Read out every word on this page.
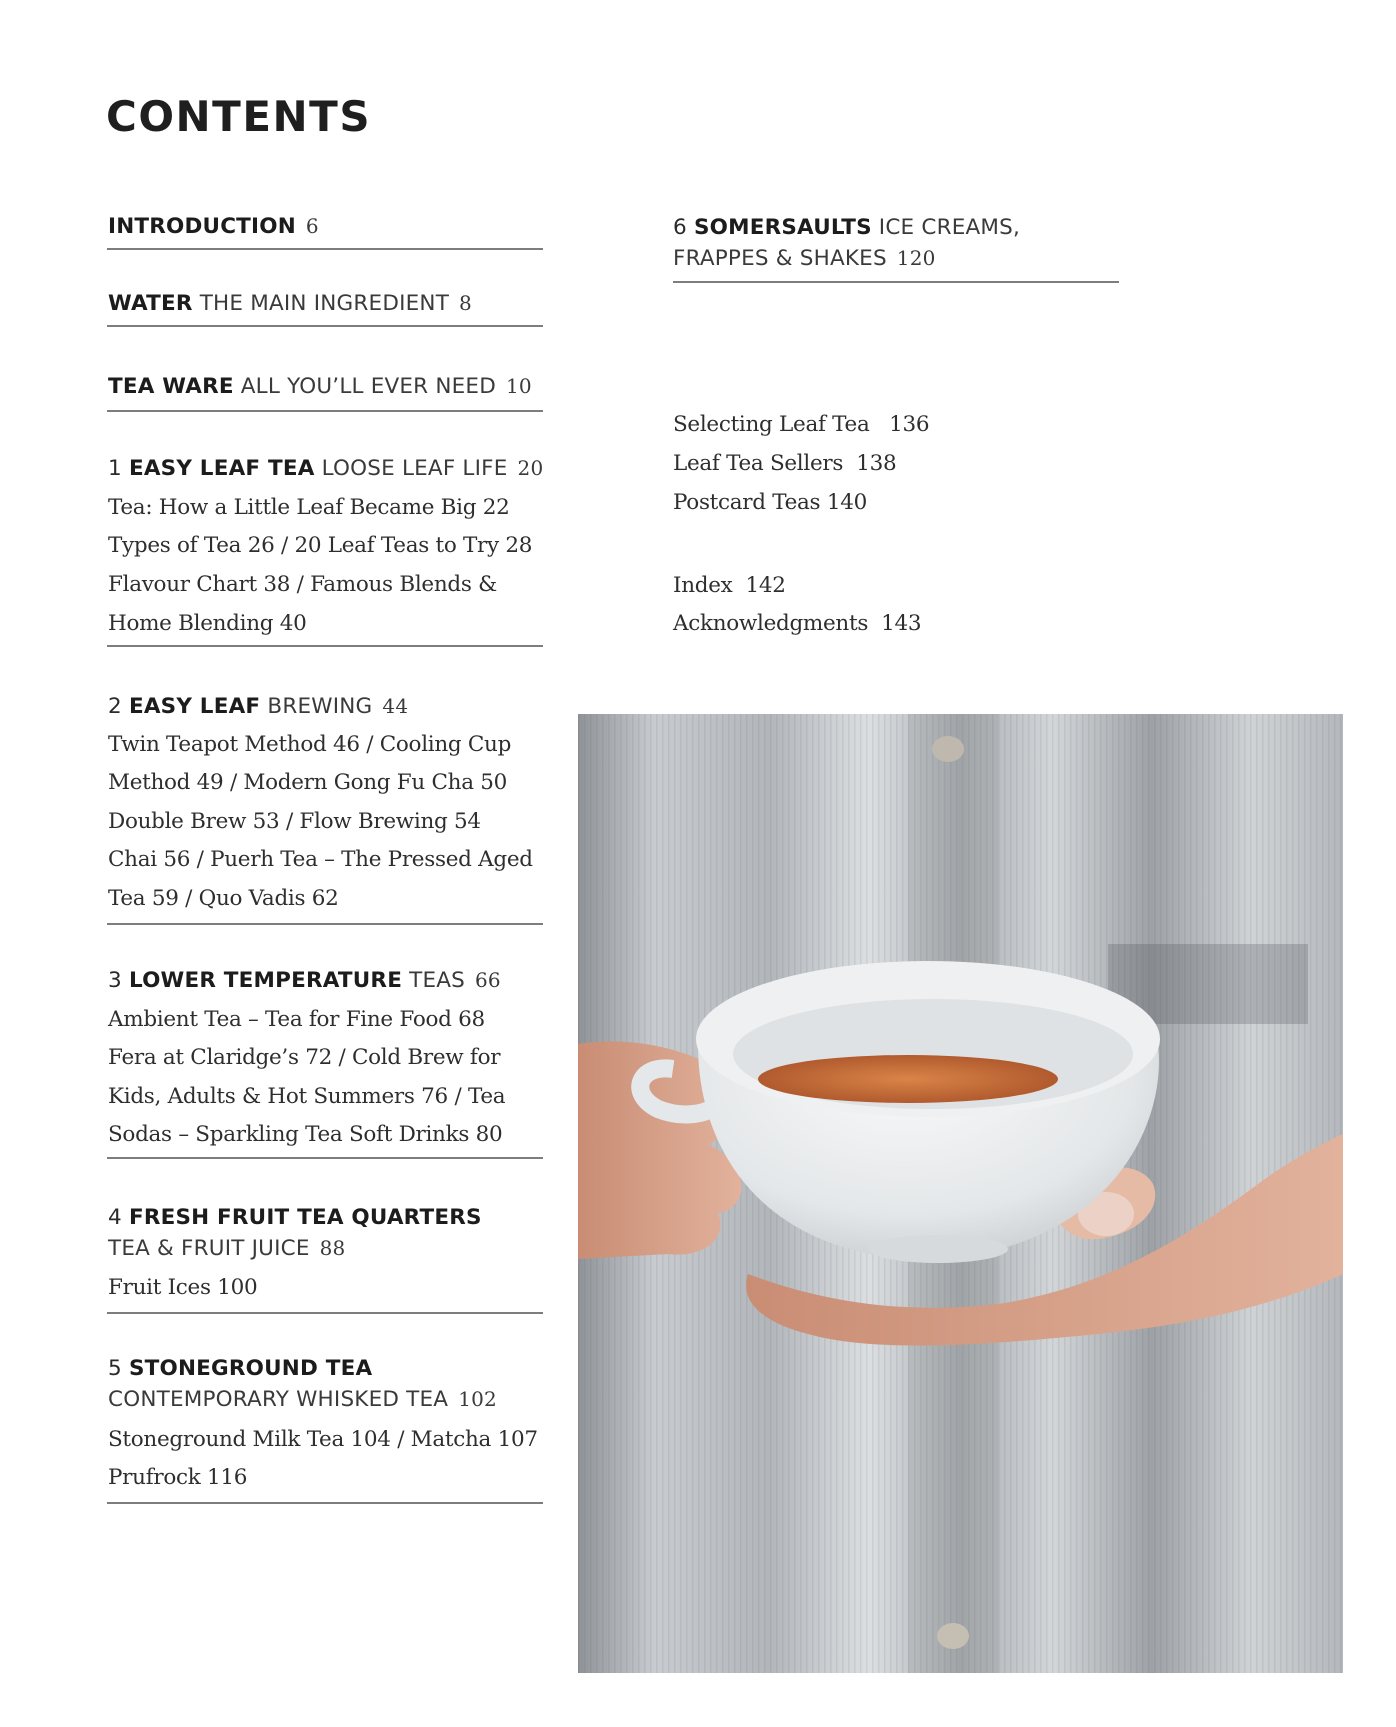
CONTENTS
INTRODUCTION 6
WATER THE MAIN INGREDIENT 8
TEA WARE ALL YOU’LL EVER NEED 10
1 EASY LEAF TEA LOOSE LEAF LIFE 20
Tea: How a Little Leaf Became Big 22
Types of Tea 26 / 20 Leaf Teas to Try 28
Flavour Chart 38 / Famous Blends &
Home Blending 40
2 EASY LEAF BREWING 44
Twin Teapot Method 46 / Cooling Cup
Method 49 / Modern Gong Fu Cha 50
Double Brew 53 / Flow Brewing 54
Chai 56 / Puerh Tea – The Pressed Aged
Tea 59 / Quo Vadis 62
3 LOWER TEMPERATURE TEAS 66
Ambient Tea – Tea for Fine Food 68
Fera at Claridge’s 72 / Cold Brew for
Kids, Adults & Hot Summers 76 / Tea
Sodas – Sparkling Tea Soft Drinks 80
4 FRESH FRUIT TEA QUARTERS
TEA & FRUIT JUICE 88
Fruit Ices 100
5 STONEGROUND TEA
CONTEMPORARY WHISKED TEA 102
Stoneground Milk Tea 104 / Matcha 107
Prufrock 116
6 SOMERSAULTS ICE CREAMS,
FRAPPES & SHAKES 120
Selecting Leaf Tea 136
Leaf Tea Sellers 138
Postcard Teas 140
Index 142
Acknowledgments 143
